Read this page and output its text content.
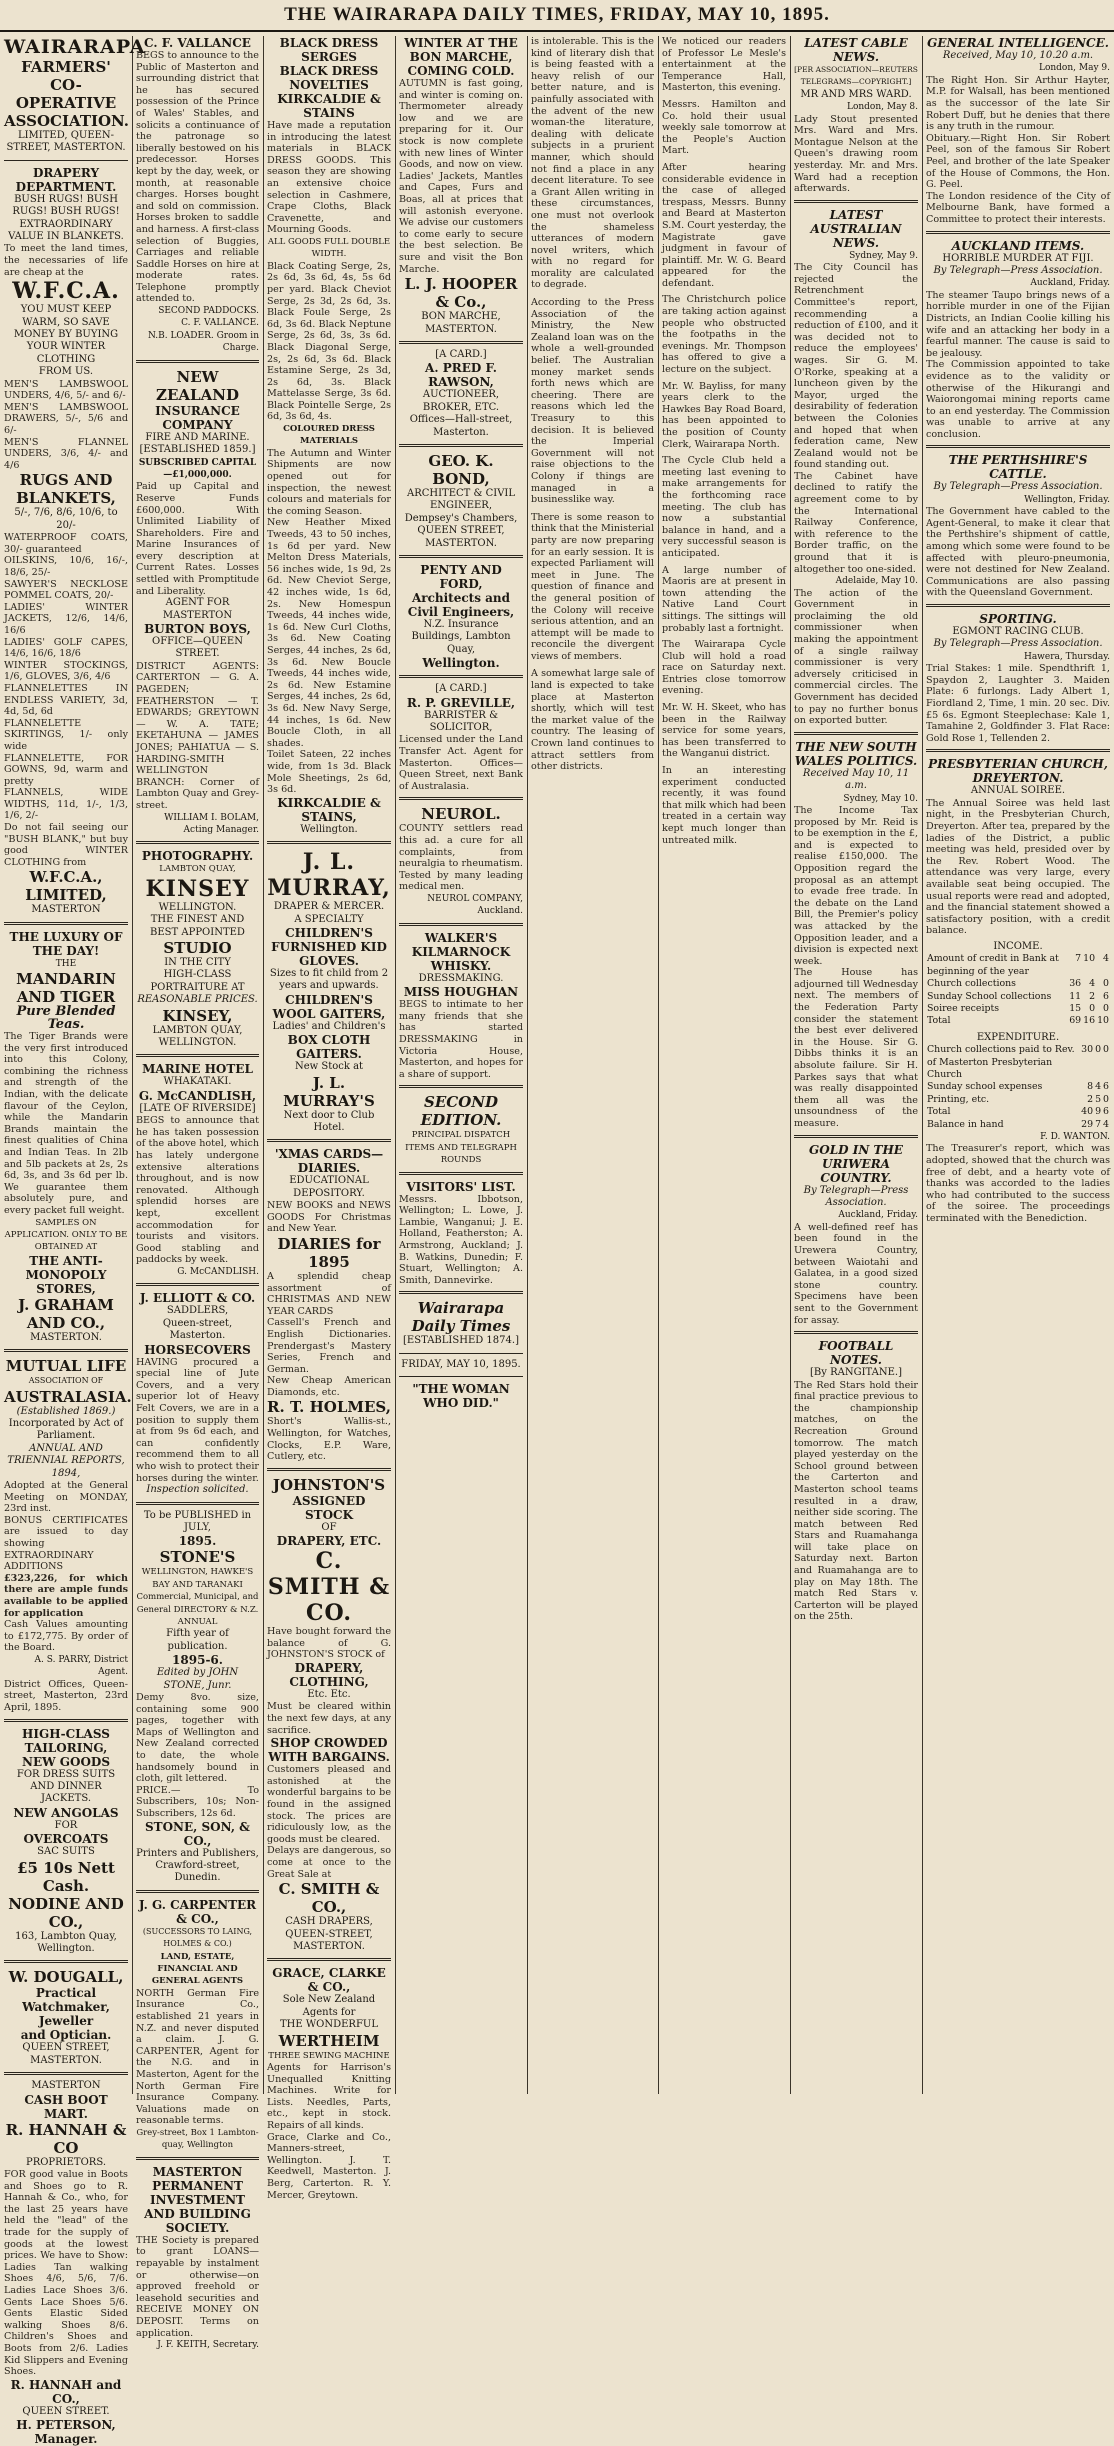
THE WAIRARAPA DAILY TIMES, FRIDAY, MAY 10, 1895.
WAIRARAPA
FARMERS' CO-OPERATIVE
ASSOCIATION.
LIMITED, QUEEN-STREET, MASTERTON.
DRAPERY DEPARTMENT.
BUSH RUGS! BUSH RUGS! BUSH RUGS!
EXTRAORDINARY VALUE IN BLANKETS.
To meet the land times, the necessaries of life are cheap at the
W.F.C.A.
YOU MUST KEEP WARM, SO SAVE MONEY BY BUYING YOUR WINTER CLOTHING
FROM US.
MEN'S LAMBSWOOL UNDERS, 4/6, 5/- and 6/-
MEN'S LAMBSWOOL DRAWERS, 5/-, 5/6 and 6/-
MEN'S FLANNEL UNDERS, 3/6, 4/- and 4/6
RUGS AND BLANKETS,
5/-, 7/6, 8/6, 10/6, to 20/-
WATERPROOF COATS, 30/- guaranteed
OILSKINS, 10/6, 16/-, 18/6, 25/-
SAWYER'S NECKLOSE POMMEL COATS, 20/-
LADIES' WINTER JACKETS, 12/6, 14/6, 16/6
LADIES' GOLF CAPES, 14/6, 16/6, 18/6
WINTER STOCKINGS, 1/6, GLOVES, 3/6, 4/6
FLANNELETTES IN ENDLESS VARIETY, 3d, 4d, 5d, 6d
FLANNELETTE SKIRTINGS, 1/- only wide
FLANNELETTE, FOR GOWNS, 9d, warm and pretty
FLANNELS, WIDE WIDTHS, 11d, 1/-, 1/3, 1/6, 2/-
Do not fail seeing our "BUSH BLANK," but buy good WINTER CLOTHING from
W.F.C.A., LIMITED,
MASTERTON
THE LUXURY OF THE DAY!
THE
MANDARIN
AND TIGER
Pure Blended Teas.
The Tiger Brands were the very first introduced into this Colony, combining the richness and strength of the Indian, with the delicate flavour of the Ceylon, while the Mandarin Brands maintain the finest qualities of China and Indian Teas. In 2lb and 5lb packets at 2s, 2s 6d, 3s, and 3s 6d per lb. We guarantee them absolutely pure, and every packet full weight.
SAMPLES ON APPLICATION. ONLY TO BE OBTAINED AT
THE ANTI-MONOPOLY STORES,
J. GRAHAM AND CO.,
MASTERTON.
MUTUAL LIFE
ASSOCIATION OF
AUSTRALASIA.
(Established 1869.)
Incorporated by Act of Parliament.
ANNUAL AND TRIENNIAL REPORTS, 1894,
Adopted at the General Meeting on MONDAY, 23rd inst.
BONUS CERTIFICATES are issued to day showing EXTRAORDINARY ADDITIONS
£323,226, for which there are ample funds available to be applied for application
Cash Values amounting to £172,775. By order of the Board.
A. S. PARRY, District Agent.
District Offices, Queen-street, Masterton, 23rd April, 1895.
HIGH-CLASS TAILORING,
NEW GOODS
FOR DRESS SUITS AND DINNER JACKETS.
NEW ANGOLAS
FOR
OVERCOATS
SAC SUITS
£5 10s Nett Cash.
NODINE AND CO.,
163, Lambton Quay, Wellington.
W. DOUGALL,
Practical
Watchmaker, Jeweller
and Optician.
QUEEN STREET,
MASTERTON.
MASTERTON
CASH BOOT MART.
R. HANNAH & CO
PROPRIETORS.
FOR good value in Boots and Shoes go to R. Hannah & Co., who, for the last 25 years have held the "lead" of the trade for the supply of goods at the lowest prices. We have to Show: Ladies Tan walking Shoes 4/6, 5/6, 7/6. Ladies Lace Shoes 3/6. Gents Lace Shoes 5/6. Gents Elastic Sided walking Shoes 8/6. Children's Shoes and Boots from 2/6. Ladies Kid Slippers and Evening Shoes.
R. HANNAH and CO.,
QUEEN STREET.
H. PETERSON, Manager.
C. F. VALLANCE
BEGS to announce to the Public of Masterton and surrounding district that he has secured possession of the Prince of Wales' Stables, and solicits a continuance of the patronage so liberally bestowed on his predecessor. Horses kept by the day, week, or month, at reasonable charges. Horses bought and sold on commission. Horses broken to saddle and harness. A first-class selection of Buggies, Carriages and reliable Saddle Horses on hire at moderate rates. Telephone promptly attended to.
SECOND PADDOCKS.
C. F. VALLANCE.
N.B. LOADER. Groom in Charge.
NEW ZEALAND
INSURANCE COMPANY
FIRE AND MARINE.
[ESTABLISHED 1859.]
SUBSCRIBED CAPITAL—£1,000,000.
Paid up Capital and Reserve Funds £600,000. With Unlimited Liability of Shareholders. Fire and Marine Insurances of every description at Current Rates. Losses settled with Promptitude and Liberality.
AGENT FOR MASTERTON
BURTON BOYS,
OFFICE—QUEEN STREET.
DISTRICT AGENTS: CARTERTON — G. A. PAGEDEN; FEATHERSTON — T. EDWARDS; GREYTOWN — W. A. TATE; EKETAHUNA — JAMES JONES; PAHIATUA — S. HARDING-SMITH
WELLINGTON BRANCH: Corner of Lambton Quay and Grey-street.
WILLIAM I. BOLAM, Acting Manager.
PHOTOGRAPHY.
LAMBTON QUAY,
KINSEY
WELLINGTON.
THE FINEST AND BEST APPOINTED
STUDIO
IN THE CITY
HIGH-CLASS PORTRAITURE AT
REASONABLE PRICES.
KINSEY,
LAMBTON QUAY, WELLINGTON.
MARINE HOTEL
WHAKATAKI.
G. McCANDLISH,
[LATE OF RIVERSIDE]
BEGS to announce that he has taken possession of the above hotel, which has lately undergone extensive alterations throughout, and is now renovated. Although splendid horses are kept, excellent accommodation for tourists and visitors. Good stabling and paddocks by week.
G. McCANDLISH.
J. ELLIOTT & CO.
SADDLERS,
Queen-street, Masterton.
HORSECOVERS
HAVING procured a special line of Jute Covers, and a very superior lot of Heavy Felt Covers, we are in a position to supply them at from 9s 6d each, and can confidently recommend them to all who wish to protect their horses during the winter.
Inspection solicited.
To be PUBLISHED in JULY,
1895.
STONE'S
WELLINGTON, HAWKE'S BAY AND TARANAKI
Commercial, Municipal, and General DIRECTORY & N.Z. ANNUAL
Fifth year of publication.
1895-6.
Edited by JOHN STONE, Junr.
Demy 8vo. size, containing some 900 pages, together with Maps of Wellington and New Zealand corrected to date, the whole handsomely bound in cloth, gilt lettered.
PRICE.— To Subscribers, 10s; Non-Subscribers, 12s 6d.
STONE, SON, & CO.,
Printers and Publishers, Crawford-street, Dunedin.
J. G. CARPENTER & CO.,
(SUCCESSORS TO LAING, HOLMES & CO.)
LAND, ESTATE, FINANCIAL AND GENERAL AGENTS
NORTH German Fire Insurance Co., established 21 years in N.Z. and never disputed a claim. J. G. CARPENTER, Agent for the N.G. and in Masterton, Agent for the North German Fire Insurance Company. Valuations made on reasonable terms.
Grey-street, Box 1 Lambton-quay, Wellington
MASTERTON PERMANENT
INVESTMENT AND BUILDING
SOCIETY.
THE Society is prepared to grant LOANS—repayable by instalment or otherwise—on approved freehold or leasehold securities and RECEIVE MONEY ON DEPOSIT. Terms on application.
J. F. KEITH, Secretary.
BLACK DRESS SERGES
BLACK DRESS NOVELTIES
KIRKCALDIE & STAINS
Have made a reputation in introducing the latest materials in BLACK DRESS GOODS. This season they are showing an extensive choice selection in Cashmere, Crape Cloths, Black Cravenette, and Mourning Goods.
ALL GOODS FULL DOUBLE WIDTH.
Black Coating Serge, 2s, 2s 6d, 3s 6d, 4s, 5s 6d per yard. Black Cheviot Serge, 2s 3d, 2s 6d, 3s. Black Foule Serge, 2s 6d, 3s 6d. Black Neptune Serge, 2s 6d, 3s, 3s 6d. Black Diagonal Serge, 2s, 2s 6d, 3s 6d. Black Estamine Serge, 2s 3d, 2s 6d, 3s. Black Mattelasse Serge, 3s 6d. Black Pointelle Serge, 2s 6d, 3s 6d, 4s.
COLOURED DRESS MATERIALS
The Autumn and Winter Shipments are now opened out for inspection, the newest colours and materials for the coming Season.
New Heather Mixed Tweeds, 43 to 50 inches, 1s 6d per yard. New Melton Dress Materials, 56 inches wide, 1s 9d, 2s 6d. New Cheviot Serge, 42 inches wide, 1s 6d, 2s. New Homespun Tweeds, 44 inches wide, 1s 6d. New Curl Cloths, 3s 6d. New Coating Serges, 44 inches, 2s 6d, 3s 6d. New Boucle Tweeds, 44 inches wide, 2s 6d. New Estamine Serges, 44 inches, 2s 6d, 3s 6d. New Navy Serge, 44 inches, 1s 6d. New Boucle Cloth, in all shades.
Toilet Sateen, 22 inches wide, from 1s 3d. Black Mole Sheetings, 2s 6d, 3s 6d.
KIRKCALDIE & STAINS,
Wellington.
J. L. MURRAY,
DRAPER & MERCER.
A SPECIALTY
CHILDREN'S FURNISHED KID GLOVES.
Sizes to fit child from 2 years and upwards.
CHILDREN'S WOOL GAITERS,
Ladies' and Children's
BOX CLOTH GAITERS.
New Stock at
J. L. MURRAY'S
Next door to Club Hotel.
'XMAS CARDS—DIARIES.
EDUCATIONAL DEPOSITORY.
NEW BOOKS and NEWS GOODS For Christmas and New Year.
DIARIES for 1895
A splendid cheap assortment of CHRISTMAS AND NEW YEAR CARDS
Cassell's French and English Dictionaries. Prendergast's Mastery Series, French and German.
New Cheap American Diamonds, etc.
R. T. HOLMES,
Short's Wallis-st., Wellington, for Watches, Clocks, E.P. Ware, Cutlery, etc.
JOHNSTON'S
ASSIGNED
STOCK
OF
DRAPERY, ETC.
C. SMITH & CO.
Have bought forward the balance of G. JOHNSTON'S STOCK of
DRAPERY, CLOTHING,
Etc. Etc.
Must be cleared within the next few days, at any sacrifice.
SHOP CROWDED WITH BARGAINS.
Customers pleased and astonished at the wonderful bargains to be found in the assigned stock. The prices are ridiculously low, as the goods must be cleared.
Delays are dangerous, so come at once to the Great Sale at
C. SMITH & CO.,
CASH DRAPERS,
QUEEN-STREET, MASTERTON.
GRACE, CLARKE & CO.,
Sole New Zealand Agents for
THE WONDERFUL
WERTHEIM
THREE SEWING MACHINE
Agents for Harrison's Unequalled Knitting Machines. Write for Lists. Needles, Parts, etc., kept in stock. Repairs of all kinds.
Grace, Clarke and Co., Manners-street, Wellington. J. T. Keedwell, Masterton. J. Berg, Carterton. R. Y. Mercer, Greytown.
WINTER AT THE BON MARCHE,
COMING COLD.
AUTUMN is fast going, and winter is coming on. Thermometer already low and we are preparing for it. Our stock is now complete with new lines of Winter Goods, and now on view. Ladies' Jackets, Mantles and Capes, Furs and Boas, all at prices that will astonish everyone. We advise our customers to come early to secure the best selection. Be sure and visit the Bon Marche.
L. J. HOOPER & Co.,
BON MARCHE, MASTERTON.
[A CARD.]
A. PRED F. RAWSON,
AUCTIONEER, BROKER, ETC.
Offices—Hall-street, Masterton.
GEO. K. BOND,
ARCHITECT & CIVIL ENGINEER,
Dempsey's Chambers, QUEEN STREET, MASTERTON.
PENTY AND FORD,
Architects and Civil Engineers,
N.Z. Insurance Buildings, Lambton Quay,
Wellington.
[A CARD.]
R. P. GREVILLE,
BARRISTER & SOLICITOR,
Licensed under the Land Transfer Act. Agent for Masterton. Offices—Queen Street, next Bank of Australasia.
NEUROL.
COUNTY settlers read this ad. a cure for all complaints, from neuralgia to rheumatism. Tested by many leading medical men.
NEUROL COMPANY, Auckland.
WALKER'S KILMARNOCK WHISKY.
DRESSMAKING.
MISS HOUGHAN
BEGS to intimate to her many friends that she has started DRESSMAKING in Victoria House, Masterton, and hopes for a share of support.
SECOND EDITION.
PRINCIPAL DISPATCH ITEMS AND TELEGRAPH ROUNDS
VISITORS' LIST.
Messrs. Ibbotson, Wellington; L. Lowe, J. Lambie, Wanganui; J. E. Holland, Featherston; A. Armstrong, Auckland; J. B. Watkins, Dunedin; F. Stuart, Wellington; A. Smith, Dannevirke.
Wairarapa Daily Times
[ESTABLISHED 1874.]
FRIDAY, MAY 10, 1895.
"THE WOMAN WHO DID."
is intolerable. This is the kind of literary dish that is being feasted with a heavy relish of our better nature, and is painfully associated with the advent of the new woman-the literature, dealing with delicate subjects in a prurient manner, which should not find a place in any decent literature. To see a Grant Allen writing in these circumstances, one must not overlook the shameless utterances of modern novel writers, which with no regard for morality are calculated to degrade.
According to the Press Association of the Ministry, the New Zealand loan was on the whole a well-grounded belief. The Australian money market sends forth news which are cheering. There are reasons which led the Treasury to this decision. It is believed the Imperial Government will not raise objections to the Colony if things are managed in a businesslike way.
There is some reason to think that the Ministerial party are now preparing for an early session. It is expected Parliament will meet in June. The question of finance and the general position of the Colony will receive serious attention, and an attempt will be made to reconcile the divergent views of members.
A somewhat large sale of land is expected to take place at Masterton shortly, which will test the market value of the country. The leasing of Crown land continues to attract settlers from other districts.
We noticed our readers of Professor Le Mesle's entertainment at the Temperance Hall, Masterton, this evening.
Messrs. Hamilton and Co. hold their usual weekly sale tomorrow at the People's Auction Mart.
After hearing considerable evidence in the case of alleged trespass, Messrs. Bunny and Beard at Masterton S.M. Court yesterday, the Magistrate gave judgment in favour of plaintiff. Mr. W. G. Beard appeared for the defendant.
The Christchurch police are taking action against people who obstructed the footpaths in the evenings. Mr. Thompson has offered to give a lecture on the subject.
Mr. W. Bayliss, for many years clerk to the Hawkes Bay Road Board, has been appointed to the position of County Clerk, Wairarapa North.
The Cycle Club held a meeting last evening to make arrangements for the forthcoming race meeting. The club has now a substantial balance in hand, and a very successful season is anticipated.
A large number of Maoris are at present in town attending the Native Land Court sittings. The sittings will probably last a fortnight.
The Wairarapa Cycle Club will hold a road race on Saturday next. Entries close tomorrow evening.
Mr. W. H. Skeet, who has been in the Railway service for some years, has been transferred to the Wanganui district.
In an interesting experiment conducted recently, it was found that milk which had been treated in a certain way kept much longer than untreated milk.
LATEST CABLE NEWS.
[PER ASSOCIATION—REUTERS TELEGRAMS—COPYRIGHT.]
MR AND MRS WARD.
London, May 8.
Lady Stout presented Mrs. Ward and Mrs. Montague Nelson at the Queen's drawing room yesterday. Mr. and Mrs. Ward had a reception afterwards.
LATEST AUSTRALIAN NEWS.
Sydney, May 9.
The City Council has rejected the Retrenchment Committee's report, recommending a reduction of £100, and it was decided not to reduce the employees' wages. Sir G. M. O'Rorke, speaking at a luncheon given by the Mayor, urged the desirability of federation between the Colonies and hoped that when federation came, New Zealand would not be found standing out.
The Cabinet have declined to ratify the agreement come to by the International Railway Conference, with reference to the Border traffic, on the ground that it is altogether too one-sided.
Adelaide, May 10.
The action of the Government in proclaiming the old commissioner when making the appointment of a single railway commissioner is very adversely criticised in commercial circles. The Government has decided to pay no further bonus on exported butter.
THE NEW SOUTH WALES POLITICS.
Received May 10, 11 a.m.
Sydney, May 10.
The Income Tax proposed by Mr. Reid is to be exemption in the £, and is expected to realise £150,000. The Opposition regard the proposal as an attempt to evade free trade. In the debate on the Land Bill, the Premier's policy was attacked by the Opposition leader, and a division is expected next week.
The House has adjourned till Wednesday next. The members of the Federation Party consider the statement the best ever delivered in the House. Sir G. Dibbs thinks it is an absolute failure. Sir H. Parkes says that what was really disappointed them all was the unsoundness of the measure.
GOLD IN THE URIWERA COUNTRY.
By Telegraph—Press Association.
Auckland, Friday.
A well-defined reef has been found in the Urewera Country, between Waiotahi and Galatea, in a good sized stone country. Specimens have been sent to the Government for assay.
FOOTBALL NOTES.
[By RANGITANE.]
The Red Stars hold their final practice previous to the championship matches, on the Recreation Ground tomorrow. The match played yesterday on the School ground between the Carterton and Masterton school teams resulted in a draw, neither side scoring. The match between Red Stars and Ruamahanga will take place on Saturday next. Barton and Ruamahanga are to play on May 18th. The match Red Stars v. Carterton will be played on the 25th.
GENERAL INTELLIGENCE.
Received, May 10, 10.20 a.m.
London, May 9.
The Right Hon. Sir Arthur Hayter, M.P. for Walsall, has been mentioned as the successor of the late Sir Robert Duff, but he denies that there is any truth in the rumour.
Obituary.—Right Hon. Sir Robert Peel, son of the famous Sir Robert Peel, and brother of the late Speaker of the House of Commons, the Hon. G. Peel.
The London residence of the City of Melbourne Bank, have formed a Committee to protect their interests.
AUCKLAND ITEMS.
HORRIBLE MURDER AT FIJI.
By Telegraph—Press Association.
Auckland, Friday.
The steamer Taupo brings news of a horrible murder in one of the Fijian Districts, an Indian Coolie killing his wife and an attacking her body in a fearful manner. The cause is said to be jealousy.
The Commission appointed to take evidence as to the validity or otherwise of the Hikurangi and Waiorongomai mining reports came to an end yesterday. The Commission was unable to arrive at any conclusion.
THE PERTHSHIRE'S CATTLE.
By Telegraph—Press Association.
Wellington, Friday.
The Government have cabled to the Agent-General, to make it clear that the Perthshire's shipment of cattle, among which some were found to be affected with pleuro-pneumonia, were not destined for New Zealand. Communications are also passing with the Queensland Government.
SPORTING.
EGMONT RACING CLUB.
By Telegraph—Press Association.
Hawera, Thursday.
Trial Stakes: 1 mile. Spendthrift 1, Spaydon 2, Laughter 3. Maiden Plate: 6 furlongs. Lady Albert 1, Fiordland 2, Time, 1 min. 20 sec. Div. £5 6s. Egmont Steeplechase: Kale 1, Tamahine 2, Goldfinder 3. Flat Race: Gold Rose 1, Tellenden 2.
PRESBYTERIAN CHURCH, DREYERTON.
ANNUAL SOIREE.
The Annual Soiree was held last night, in the Presbyterian Church, Dreyerton. After tea, prepared by the ladies of the District, a public meeting was held, presided over by the Rev. Robert Wood. The attendance was very large, every available seat being occupied. The usual reports were read and adopted, and the financial statement showed a satisfactory position, with a credit balance.
INCOME.
Amount of credit in Bank at beginning of the year	7	10	4
Church collections	36	4	0
Sunday School collections	11	2	6
Soiree receipts	15	0	0
Total	69	16	10
EXPENDITURE.
Church collections paid to Rev. of Masterton Presbyterian Church	30	0	0
Sunday school expenses	8	4	6
Printing, etc.	2	5	0
Total	40	9	6
Balance in hand	29	7	4
F. D. WANTON.
The Treasurer's report, which was adopted, showed that the church was free of debt, and a hearty vote of thanks was accorded to the ladies who had contributed to the success of the soiree. The proceedings terminated with the Benediction.
